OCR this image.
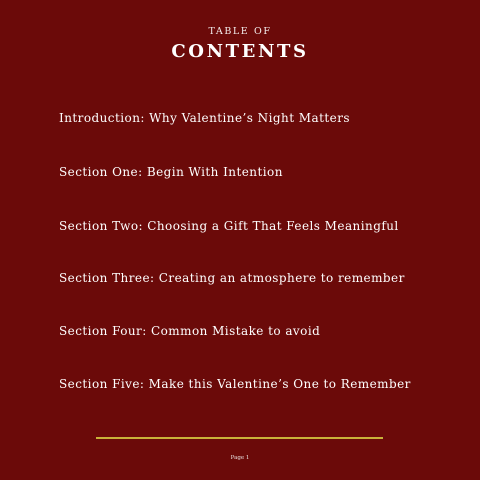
TABLE OF
CONTENTS
Introduction: Why Valentine’s Night Matters
Section One: Begin With Intention
Section Two: Choosing a Gift That Feels Meaningful
Section Three: Creating an atmosphere to remember
Section Four: Common Mistake to avoid
Section Five: Make this Valentine’s One to Remember
Page 1
